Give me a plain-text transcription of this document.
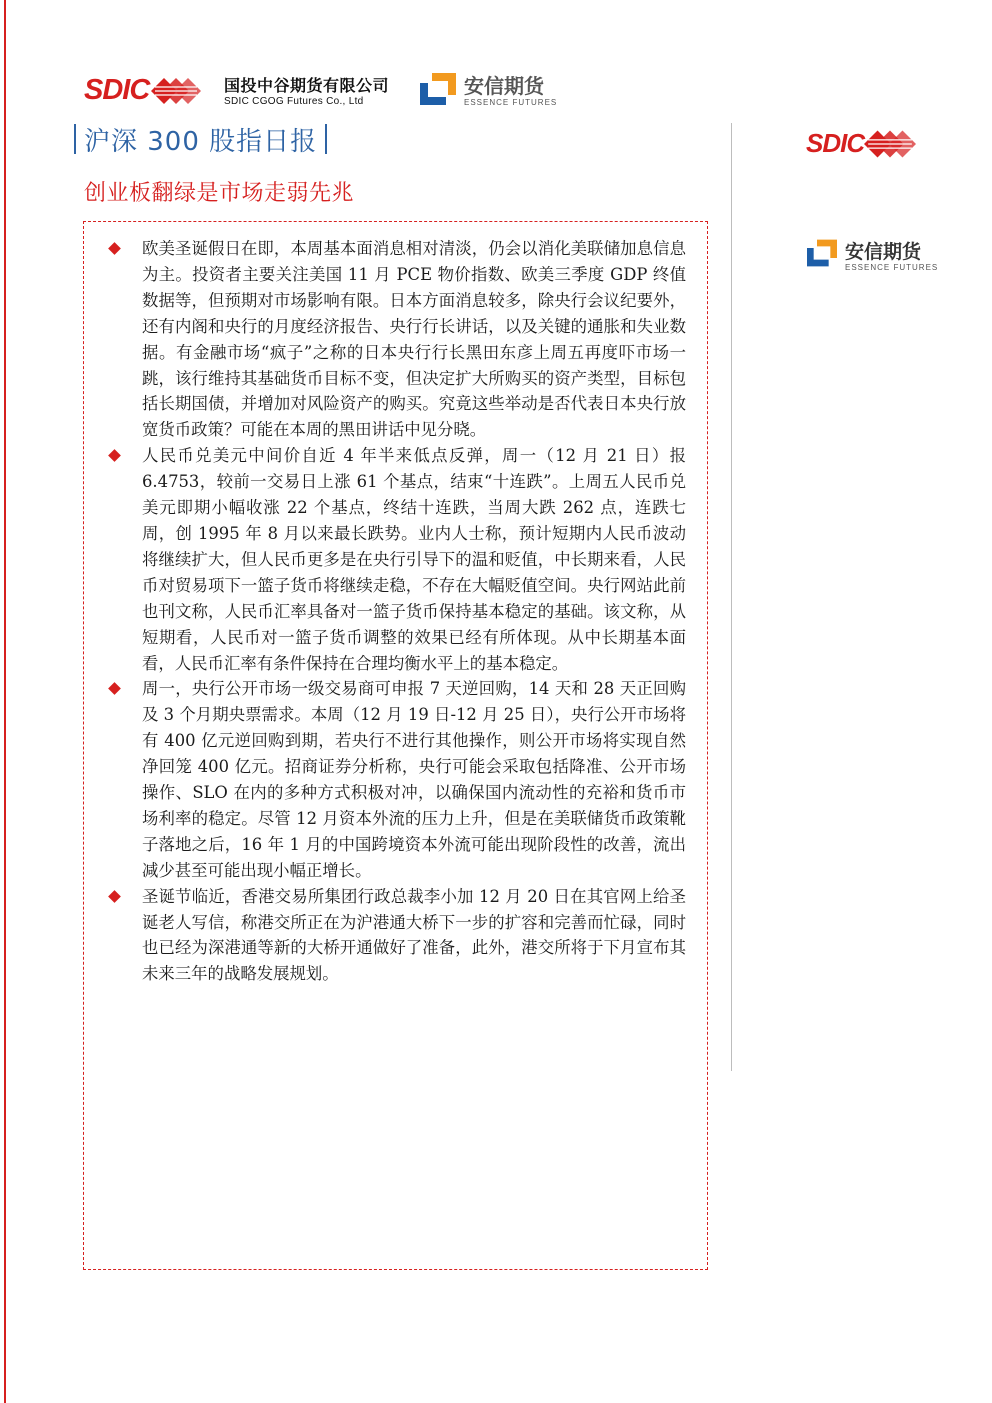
SDIC	国投中谷期货有限公司
SDIC CGOG Futures Co., Ltd
安信期货
ESSENCE FUTURES
SDIC
安信期货
ESSENCE FUTURES
沪深 300 股指日报
创业板翻绿是市场走弱先兆
欧美圣诞假日在即，本周基本面消息相对清淡，仍会以消化美联储加息信息为主。投资者主要关注美国 11 月 PCE 物价指数、欧美三季度 GDP 终值数据等，但预期对市场影响有限。日本方面消息较多，除央行会议纪要外，还有内阁和央行的月度经济报告、央行行长讲话，以及关键的通胀和失业数据。有金融市场“疯子”之称的日本央行行长黑田东彦上周五再度吓市场一跳，该行维持其基础货币目标不变，但决定扩大所购买的资产类型，目标包括长期国债，并增加对风险资产的购买。究竟这些举动是否代表日本央行放宽货币政策？可能在本周的黑田讲话中见分晓。
人民币兑美元中间价自近 4 年半来低点反弹，周一（12 月 21 日）报 6.4753，较前一交易日上涨 61 个基点，结束“十连跌”。上周五人民币兑美元即期小幅收涨 22 个基点，终结十连跌，当周大跌 262 点，连跌七周，创 1995 年 8 月以来最长跌势。业内人士称，预计短期内人民币波动将继续扩大，但人民币更多是在央行引导下的温和贬值，中长期来看，人民币对贸易项下一篮子货币将继续走稳，不存在大幅贬值空间。央行网站此前也刊文称，人民币汇率具备对一篮子货币保持基本稳定的基础。该文称，从短期看，人民币对一篮子货币调整的效果已经有所体现。从中长期基本面看，人民币汇率有条件保持在合理均衡水平上的基本稳定。
周一，央行公开市场一级交易商可申报 7 天逆回购，14 天和 28 天正回购及 3 个月期央票需求。本周（12 月 19 日-12 月 25 日），央行公开市场将有 400 亿元逆回购到期，若央行不进行其他操作，则公开市场将实现自然净回笼 400 亿元。招商证券分析称，央行可能会采取包括降准、公开市场操作、SLO 在内的多种方式积极对冲，以确保国内流动性的充裕和货币市场利率的稳定。尽管 12 月资本外流的压力上升，但是在美联储货币政策靴子落地之后，16 年 1 月的中国跨境资本外流可能出现阶段性的改善，流出减少甚至可能出现小幅正增长。
圣诞节临近，香港交易所集团行政总裁李小加 12 月 20 日在其官网上给圣诞老人写信，称港交所正在为沪港通大桥下一步的扩容和完善而忙碌，同时也已经为深港通等新的大桥开通做好了准备，此外，港交所将于下月宣布其未来三年的战略发展规划。
